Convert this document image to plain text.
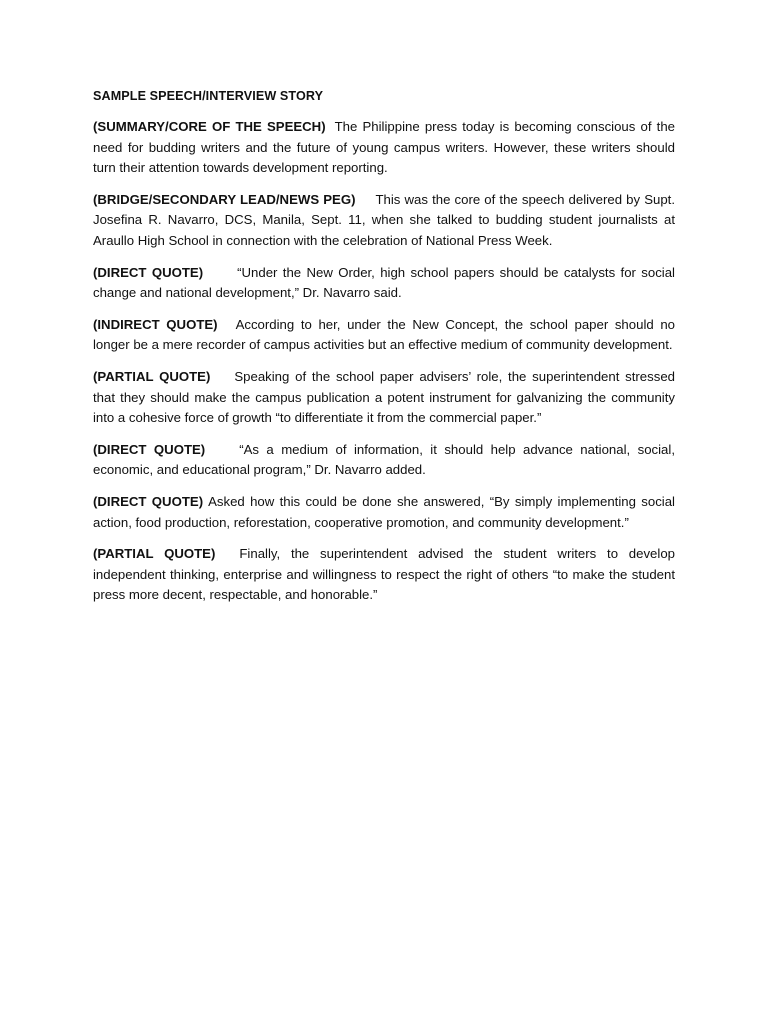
SAMPLE SPEECH/INTERVIEW STORY

(SUMMARY/CORE OF THE SPEECH) The Philippine press today is becoming conscious of the need for budding writers and the future of young campus writers. However, these writers should turn their attention towards development reporting.

(BRIDGE/SECONDARY LEAD/NEWS PEG) This was the core of the speech delivered by Supt. Josefina R. Navarro, DCS, Manila, Sept. 11, when she talked to budding student journalists at Araullo High School in connection with the celebration of National Press Week.

(DIRECT QUOTE)	“Under the New Order, high school papers should be catalysts for social change and national development,” Dr. Navarro said.

(INDIRECT QUOTE) According to her, under the New Concept, the school paper should no longer be a mere recorder of campus activities but an effective medium of community development.

(PARTIAL QUOTE) Speaking of the school paper advisers’ role, the superintendent stressed that they should make the campus publication a potent instrument for galvanizing the community into a cohesive force of growth “to differentiate it from the commercial paper.”

(DIRECT QUOTE)	“As a medium of information, it should help advance national, social, economic, and educational program,” Dr. Navarro added.

(DIRECT QUOTE) Asked how this could be done she answered, “By simply implementing social action, food production, reforestation, cooperative promotion, and community development.”

(PARTIAL QUOTE) Finally, the superintendent advised the student writers to develop independent thinking, enterprise and willingness to respect the right of others “to make the student press more decent, respectable, and honorable.”
